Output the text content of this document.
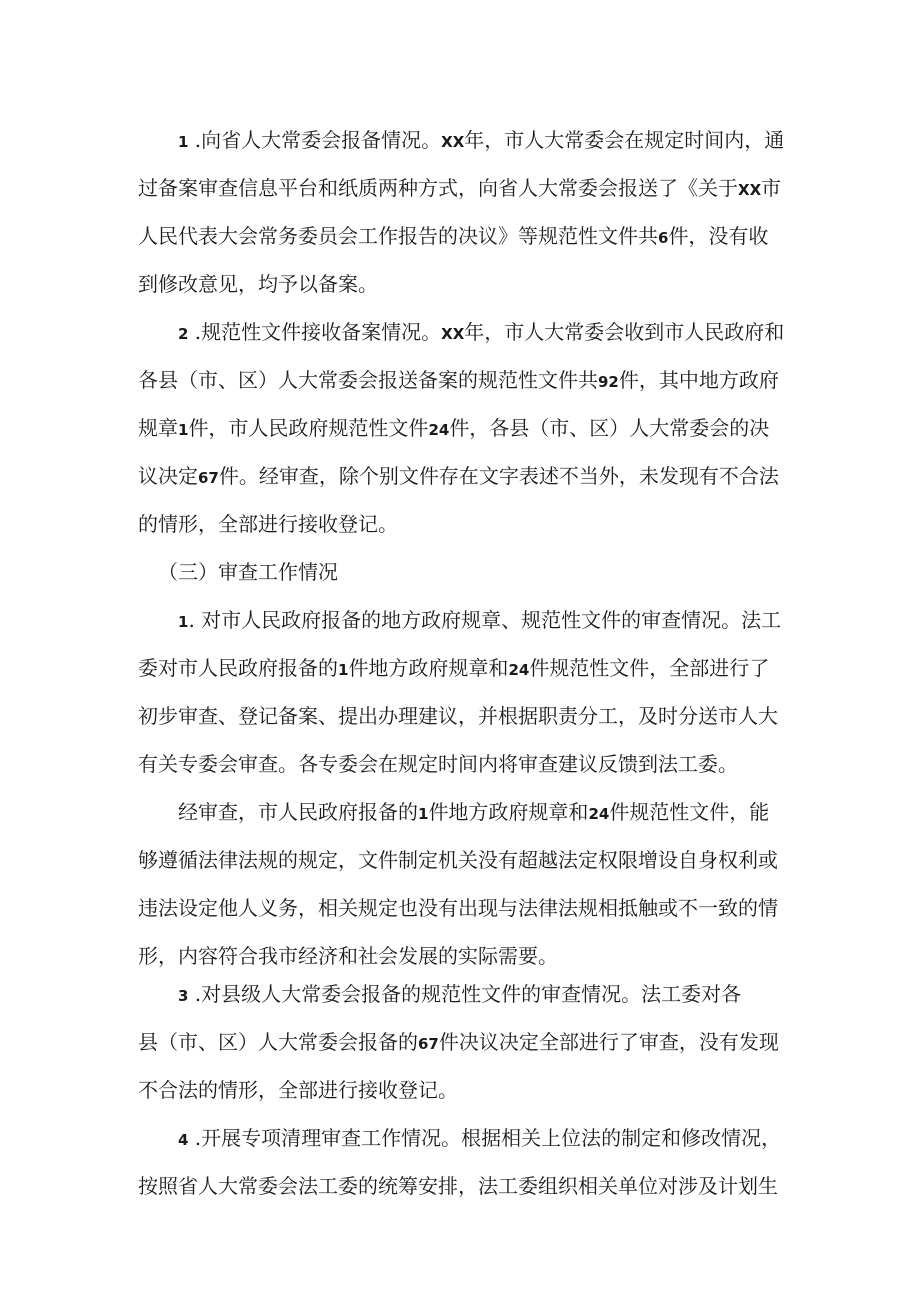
1 .向省人大常委会报备情况。XX年，市人大常委会在规定时间内，通
过备案审查信息平台和纸质两种方式，向省人大常委会报送了《关于XX市
人民代表大会常务委员会工作报告的决议》等规范性文件共6件，没有收
到修改意见，均予以备案。
2 .规范性文件接收备案情况。XX年，市人大常委会收到市人民政府和
各县（市、区）人大常委会报送备案的规范性文件共92件，其中地方政府
规章1件，市人民政府规范性文件24件，各县（市、区）人大常委会的决
议决定67件。经审查，除个别文件存在文字表述不当外，未发现有不合法
的情形，全部进行接收登记。
（三）审查工作情况
1. 对市人民政府报备的地方政府规章、规范性文件的审查情况。法工
委对市人民政府报备的1件地方政府规章和24件规范性文件，全部进行了
初步审查、登记备案、提出办理建议，并根据职责分工，及时分送市人大
有关专委会审查。各专委会在规定时间内将审查建议反馈到法工委。
经审查，市人民政府报备的1件地方政府规章和24件规范性文件，能
够遵循法律法规的规定，文件制定机关没有超越法定权限增设自身权利或
违法设定他人义务，相关规定也没有出现与法律法规相抵触或不一致的情
形，内容符合我市经济和社会发展的实际需要。
3 .对县级人大常委会报备的规范性文件的审查情况。法工委对各
县（市、区）人大常委会报备的67件决议决定全部进行了审查，没有发现
不合法的情形，全部进行接收登记。
4 .开展专项清理审查工作情况。根据相关上位法的制定和修改情况，
按照省人大常委会法工委的统筹安排，法工委组织相关单位对涉及计划生
